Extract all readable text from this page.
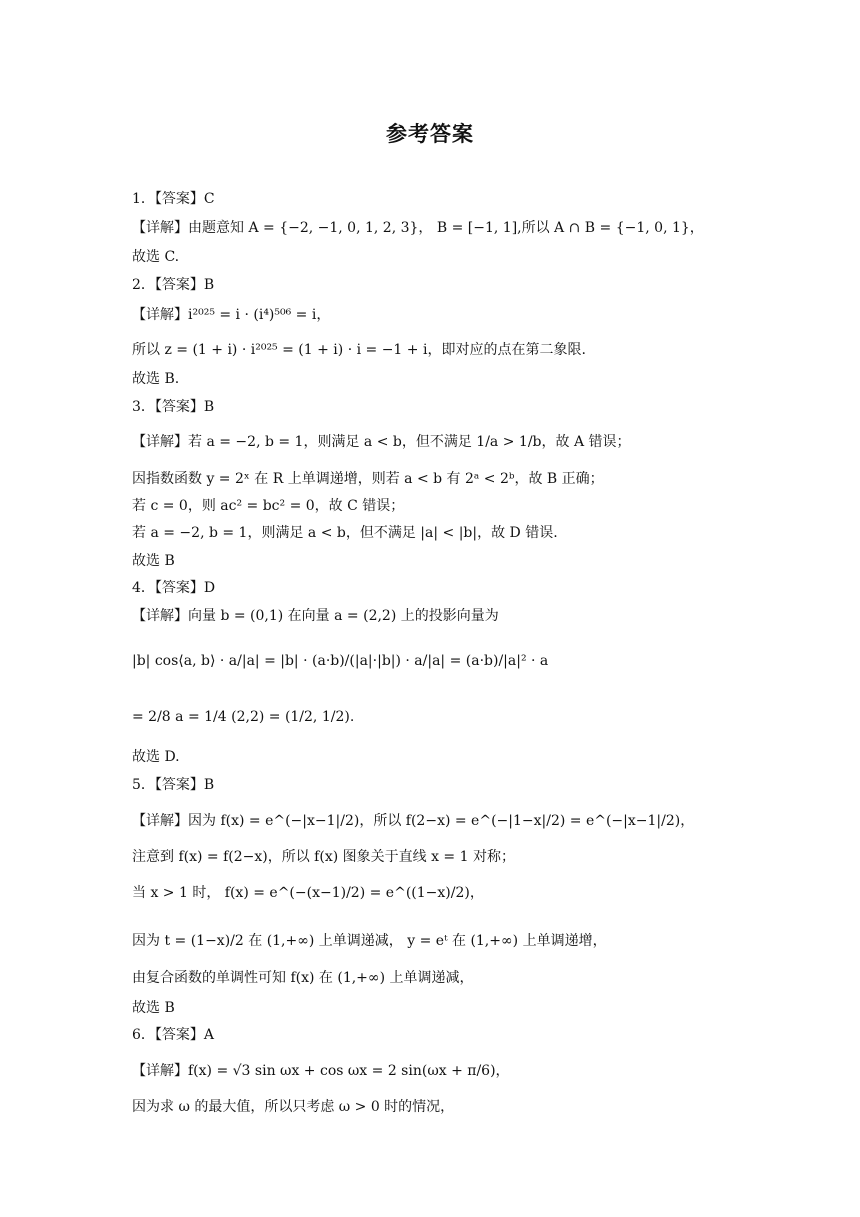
参考答案
1．【答案】C
【详解】由题意知 A = {−2, −1, 0, 1, 2, 3}， B = [−1, 1],所以 A ∩ B = {−1, 0, 1}，
故选 C.
2．【答案】B
【详解】i²⁰²⁵ = i · (i⁴)⁵⁰⁶ = i，
所以 z = (1 + i) · i²⁰²⁵ = (1 + i) · i = −1 + i，即对应的点在第二象限.
故选 B.
3．【答案】B
【详解】若 a = −2, b = 1，则满足 a < b，但不满足 1/a > 1/b，故 A 错误；
因指数函数 y = 2ˣ 在 R 上单调递增，则若 a < b 有 2ᵃ < 2ᵇ，故 B 正确；
若 c = 0，则 ac² = bc² = 0，故 C 错误；
若 a = −2, b = 1，则满足 a < b，但不满足 |a| < |b|，故 D 错误.
故选 B
4．【答案】D
【详解】向量 b = (0,1) 在向量 a = (2,2) 上的投影向量为
|b| cos⟨a, b⟩ · a/|a| = |b| · (a·b)/(|a|·|b|) · a/|a| = (a·b)/|a|² · a
= 2/8 a = 1/4 (2,2) = (1/2, 1/2).
故选 D.
5．【答案】B
【详解】因为 f(x) = e^(−|x−1|/2)，所以 f(2−x) = e^(−|1−x|/2) = e^(−|x−1|/2)，
注意到 f(x) = f(2−x)，所以 f(x) 图象关于直线 x = 1 对称；
当 x > 1 时， f(x) = e^(−(x−1)/2) = e^((1−x)/2)，
因为 t = (1−x)/2 在 (1,+∞) 上单调递减， y = eᵗ 在 (1,+∞) 上单调递增，
由复合函数的单调性可知 f(x) 在 (1,+∞) 上单调递减，
故选 B
6．【答案】A
【详解】f(x) = √3 sin ωx + cos ωx = 2 sin(ωx + π/6)，
因为求 ω 的最大值，所以只考虑 ω > 0 时的情况，
